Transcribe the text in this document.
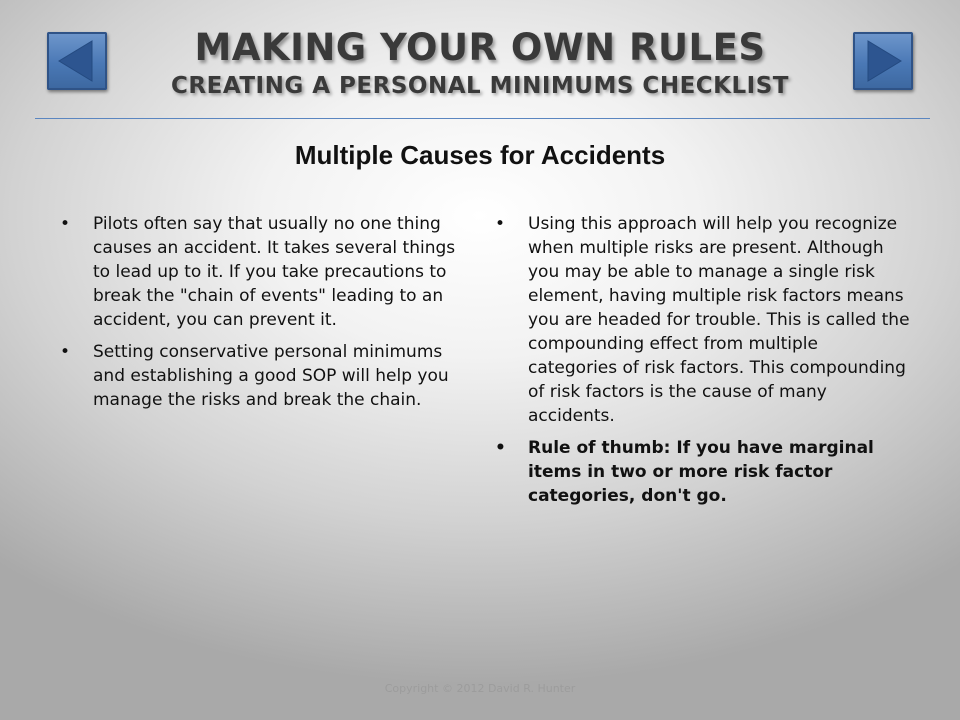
MAKING YOUR OWN RULES
CREATING A PERSONAL MINIMUMS CHECKLIST
Multiple Causes for Accidents
• Pilots often say that usually no one thing causes an accident. It takes several things to lead up to it. If you take precautions to break the "chain of events" leading to an accident, you can prevent it.
• Setting conservative personal minimums and establishing a good SOP will help you manage the risks and break the chain.
• Using this approach will help you recognize when multiple risks are present. Although you may be able to manage a single risk element, having multiple risk factors means you are headed for trouble. This is called the compounding effect from multiple categories of risk factors. This compounding of risk factors is the cause of many accidents.
• Rule of thumb: If you have marginal items in two or more risk factor categories, don't go.
Copyright © 2012 David R. Hunter
